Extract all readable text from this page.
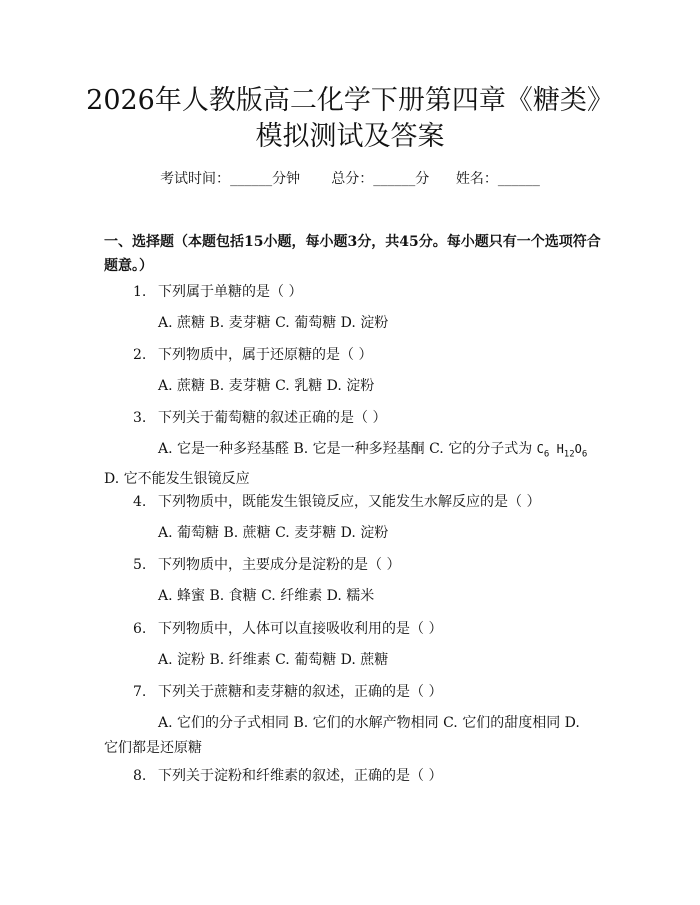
2026年人教版高二化学下册第四章《糖类》
模拟测试及答案
考试时间：______分钟 总分：______分 姓名：______
一、选择题（本题包括15小题，每小题3分，共45分。每小题只有一个选项符合题意。）
1. 下列属于单糖的是（ ）
A. 蔗糖 B. 麦芽糖 C. 葡萄糖 D. 淀粉
2. 下列物质中，属于还原糖的是（ ）
A. 蔗糖 B. 麦芽糖 C. 乳糖 D. 淀粉
3. 下列关于葡萄糖的叙述正确的是（ ）
A. 它是一种多羟基醛 B. 它是一种多羟基酮 C. 它的分子式为 $C_6$ $H_{12}O_6$ D. 它不能发生银镜反应
4. 下列物质中，既能发生银镜反应，又能发生水解反应的是（ ）
A. 葡萄糖 B. 蔗糖 C. 麦芽糖 D. 淀粉
5. 下列物质中，主要成分是淀粉的是（ ）
A. 蜂蜜 B. 食糖 C. 纤维素 D. 糯米
6. 下列物质中，人体可以直接吸收利用的是（ ）
A. 淀粉 B. 纤维素 C. 葡萄糖 D. 蔗糖
7. 下列关于蔗糖和麦芽糖的叙述，正确的是（ ）
A. 它们的分子式相同 B. 它们的水解产物相同 C. 它们的甜度相同 D. 它们都是还原糖
8. 下列关于淀粉和纤维素的叙述，正确的是（ ）
